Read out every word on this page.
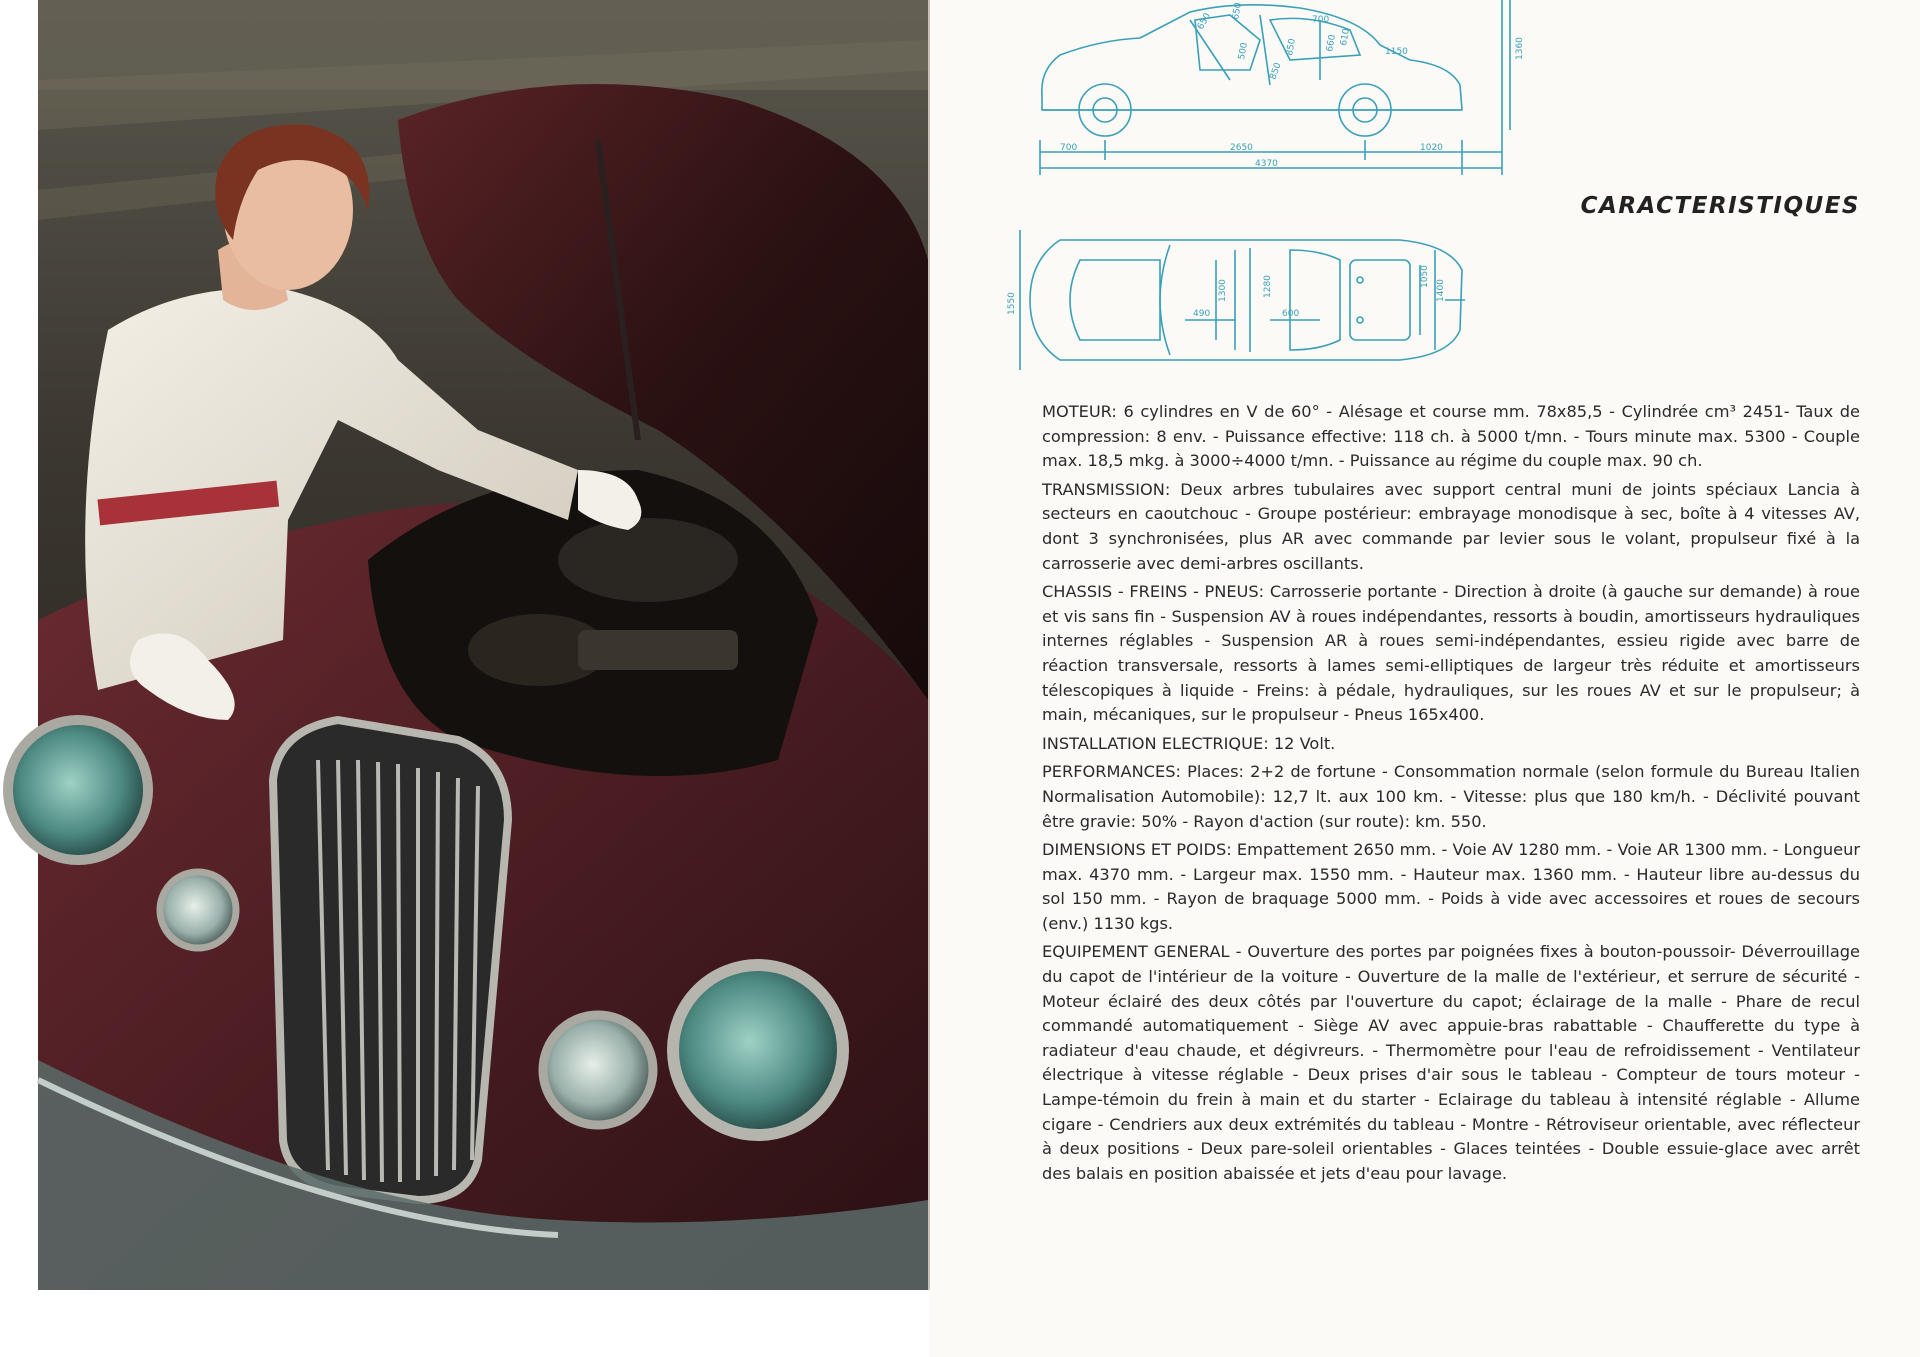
700	2650	1020
4370
1360
650
650
500
850
1150
700
850	660 610
CARACTERISTIQUES
1550
1300	1280	1050
1400
490	600

MOTEUR: 6 cylindres en V de 60° - Alésage et course mm. 78x85,5 - Cylindrée cm³ 2451- Taux de compression: 8 env. - Puissance effective: 118 ch. à 5000 t/mn. - Tours minute max. 5300 - Couple max. 18,5 mkg. à 3000÷4000 t/mn. - Puissance au régime du couple max. 90 ch.

TRANSMISSION: Deux arbres tubulaires avec support central muni de joints spéciaux Lancia à secteurs en caoutchouc - Groupe postérieur: embrayage monodisque à sec, boîte à 4 vitesses AV, dont 3 synchronisées, plus AR avec commande par levier sous le volant, propulseur fixé à la carrosserie avec demi-arbres oscillants.

CHASSIS - FREINS - PNEUS: Carrosserie portante - Direction à droite (à gauche sur demande) à roue et vis sans fin - Suspension AV à roues indépendantes, ressorts à boudin, amortisseurs hydrauliques internes réglables - Suspension AR à roues semi-indépendantes, essieu rigide avec barre de réaction transversale, ressorts à lames semi-elliptiques de largeur très réduite et amortisseurs télescopiques à liquide - Freins: à pédale, hydrauliques, sur les roues AV et sur le propulseur; à main, mécaniques, sur le propulseur - Pneus 165x400.

INSTALLATION ELECTRIQUE: 12 Volt.

PERFORMANCES: Places: 2+2 de fortune - Consommation normale (selon formule du Bureau Italien Normalisation Automobile): 12,7 lt. aux 100 km. - Vitesse: plus que 180 km/h. - Déclivité pouvant être gravie: 50% - Rayon d'action (sur route): km. 550.

DIMENSIONS ET POIDS: Empattement 2650 mm. - Voie AV 1280 mm. - Voie AR 1300 mm. - Longueur max. 4370 mm. - Largeur max. 1550 mm. - Hauteur max. 1360 mm. - Hauteur libre au-dessus du sol 150 mm. - Rayon de braquage 5000 mm. - Poids à vide avec accessoires et roues de secours (env.) 1130 kgs.

EQUIPEMENT GENERAL - Ouverture des portes par poignées fixes à bouton-poussoir- Déverrouillage du capot de l'intérieur de la voiture - Ouverture de la malle de l'extérieur, et serrure de sécurité - Moteur éclairé des deux côtés par l'ouverture du capot; éclairage de la malle - Phare de recul commandé automatiquement - Siège AV avec appuie-bras rabattable - Chaufferette du type à radiateur d'eau chaude, et dégivreurs. - Thermomètre pour l'eau de refroidissement - Ventilateur électrique à vitesse réglable - Deux prises d'air sous le tableau - Compteur de tours moteur - Lampe-témoin du frein à main et du starter - Eclairage du tableau à intensité réglable - Allume cigare - Cendriers aux deux extrémités du tableau - Montre - Rétroviseur orientable, avec réflecteur à deux positions - Deux pare-soleil orientables - Glaces teintées - Double essuie-glace avec arrêt des balais en position abaissée et jets d'eau pour lavage.
